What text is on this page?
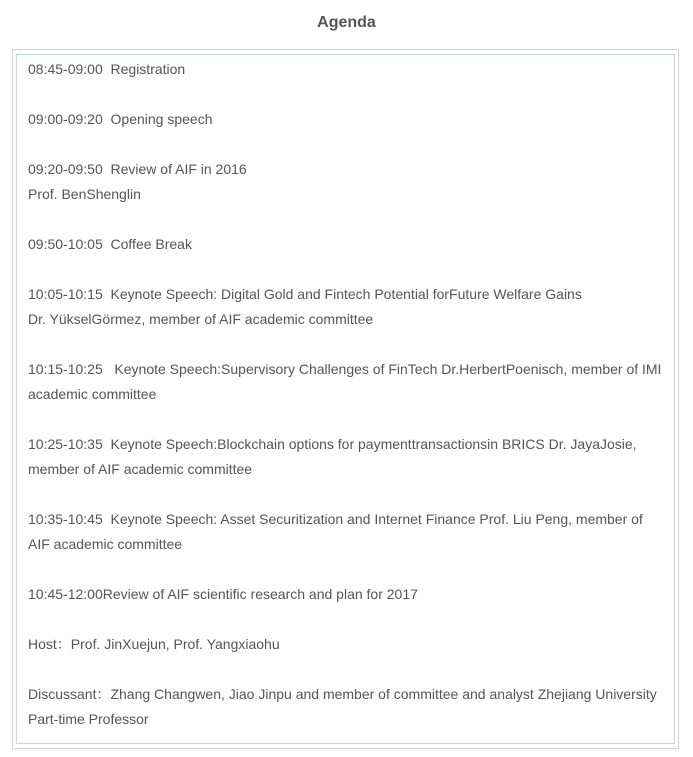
Agenda

08:45-09:00 Registration

09:00-09:20 Opening speech

09:20-09:50 Review of AIF in 2016

Prof. BenShenglin

09:50-10:05 Coffee Break

10:05-10:15 Keynote Speech: Digital Gold and Fintech Potential forFuture Welfare Gains

Dr. YükselGörmez, member of AIF academic committee

10:15-10:25 Keynote Speech:Supervisory Challenges of FinTech Dr.HerbertPoenisch, member of IMI academic committee

10:25-10:35 Keynote Speech:Blockchain options for paymenttransactionsin BRICS Dr. JayaJosie, member of AIF academic committee

10:35-10:45 Keynote Speech: Asset Securitization and Internet Finance Prof. Liu Peng, member of AIF academic committee

10:45-12:00Review of AIF scientific research and plan for 2017

Host：Prof. JinXuejun, Prof. Yangxiaohu

Discussant：Zhang Changwen, Jiao Jinpu and member of committee and analyst Zhejiang University Part-time Professor
